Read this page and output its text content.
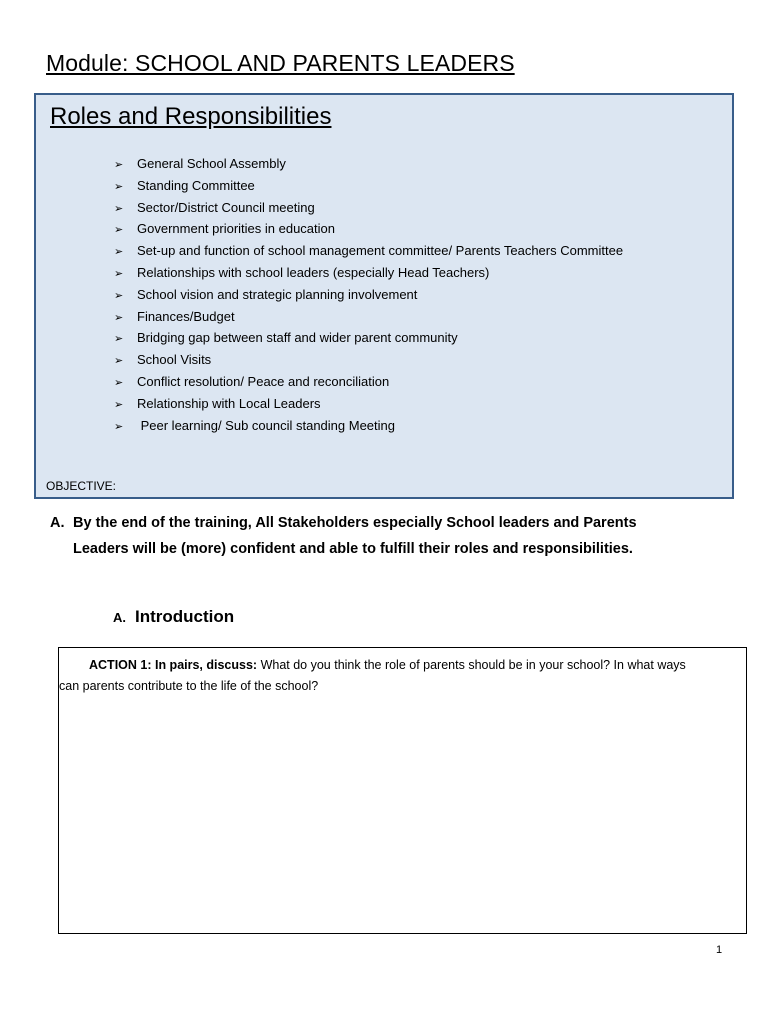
Module: SCHOOL AND PARENTS LEADERS
Roles and Responsibilities
➢ General School Assembly
➢ Standing Committee
➢ Sector/District Council meeting
➢ Government priorities in education
➢ Set-up and function of school management committee/ Parents Teachers Committee
➢ Relationships with school leaders (especially Head Teachers)
➢ School vision and strategic planning involvement
➢ Finances/Budget
➢ Bridging gap between staff and wider parent community
➢ School Visits
➢ Conflict resolution/ Peace and reconciliation
➢ Relationship with Local Leaders
➢ Peer learning/ Sub council standing Meeting
OBJECTIVE:
A. By the end of the training, All Stakeholders especially School leaders and Parents
Leaders will be (more) confident and able to fulfill their roles and responsibilities.
A. Introduction
ACTION 1: In pairs, discuss: What do you think the role of parents should be in your school? In what ways
can parents contribute to the life of the school?
1
